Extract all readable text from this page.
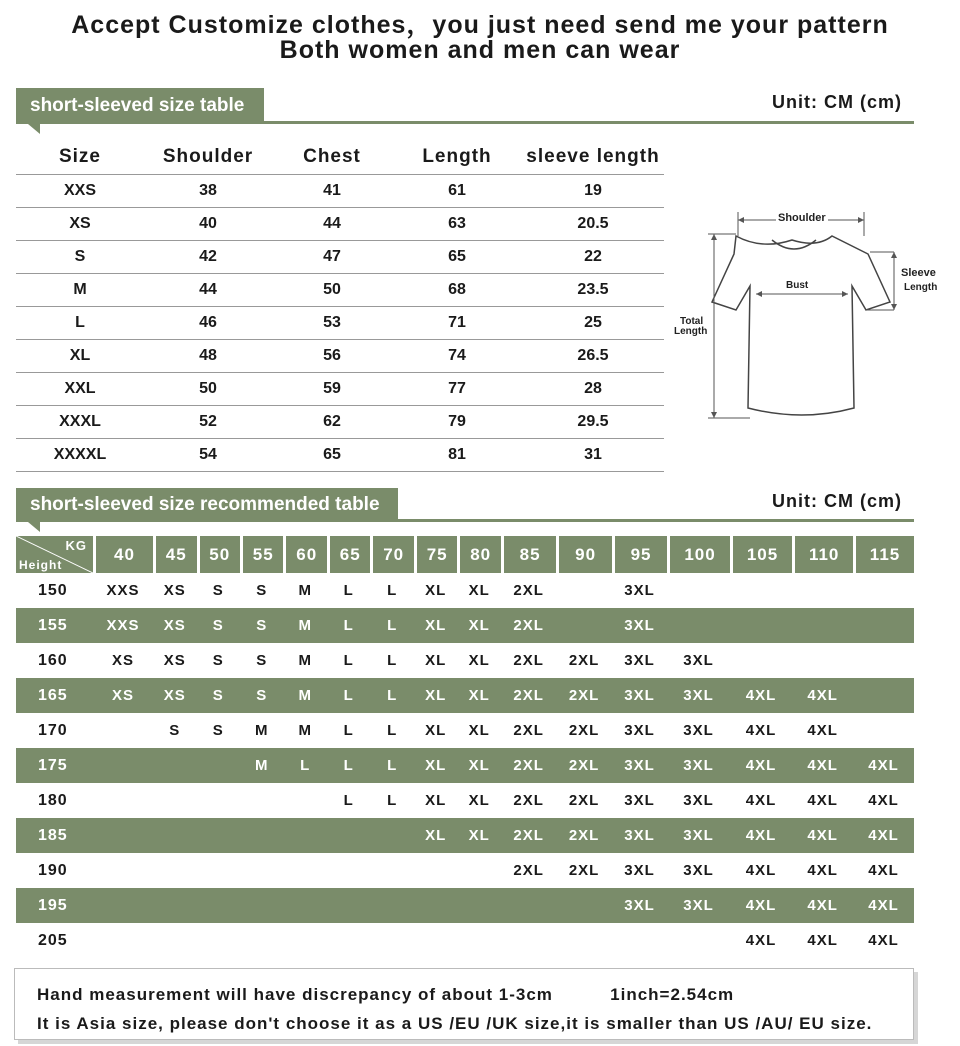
Accept Customize clothes，you just need send me your pattern
Both women and men can wear
short-sleeved size table	Unit: CM (cm)
Size	Shoulder	Chest	Length	sleeve length
XXS	38	41	61	19
XS	40	44	63	20.5
S	42	47	65	22
M	44	50	68	23.5
L	46	53	71	25
XL	48	56	74	26.5
XXL	50	59	77	28
XXXL	52	62	79	29.5
XXXXL	54	65	81	31
Shoulder
Bust
Sleeve
Length
Total
Length
short-sleeved size recommended table	Unit: CM (cm)
KG
Height	40	45	50	55	60	65	70	75	80	85	90	95	100	105	110	115
150	XXS	XS	S	S	M	L	L	XL	XL	2XL		3XL				
155	XXS	XS	S	S	M	L	L	XL	XL	2XL		3XL				
160	XS	XS	S	S	M	L	L	XL	XL	2XL	2XL	3XL	3XL			
165	XS	XS	S	S	M	L	L	XL	XL	2XL	2XL	3XL	3XL	4XL	4XL	
170		S	S	M	M	L	L	XL	XL	2XL	2XL	3XL	3XL	4XL	4XL	
175				M	L	L	L	XL	XL	2XL	2XL	3XL	3XL	4XL	4XL	4XL
180						L	L	XL	XL	2XL	2XL	3XL	3XL	4XL	4XL	4XL
185								XL	XL	2XL	2XL	3XL	3XL	4XL	4XL	4XL
190										2XL	2XL	3XL	3XL	4XL	4XL	4XL
195												3XL	3XL	4XL	4XL	4XL
205														4XL	4XL	4XL
Hand measurement will have discrepancy of about 1-3cm          1inch=2.54cm
It is Asia size, please don't choose it as a US /EU /UK size,it is smaller than US /AU/ EU size.
